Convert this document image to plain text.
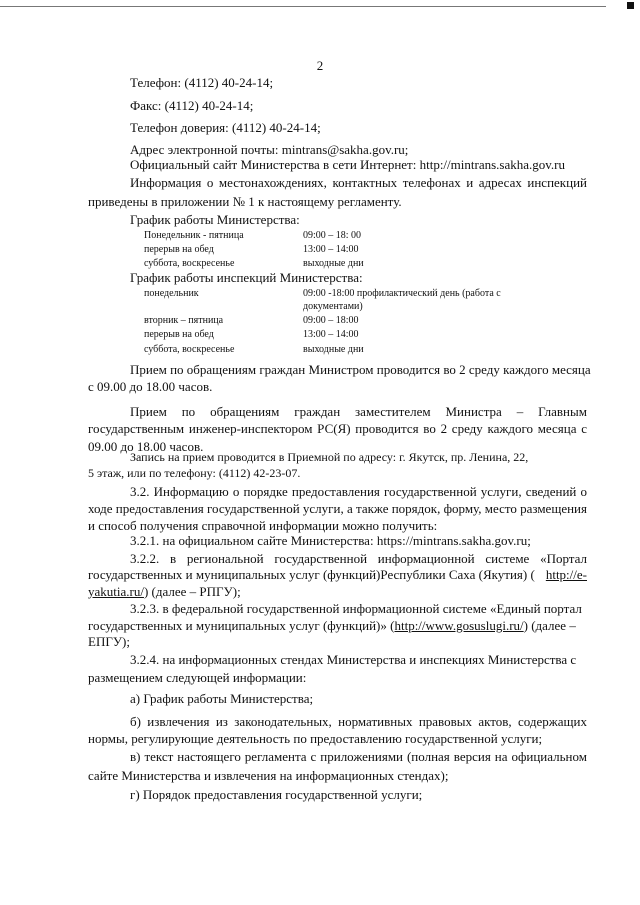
2
Телефон: (4112) 40-24-14;
Факс: (4112) 40-24-14;
Телефон доверия: (4112) 40-24-14;
Адрес электронной почты: mintrans@sakha.gov.ru;
Официальный сайт Министерства в сети Интернет: http://mintrans.sakha.gov.ru
Информация о местонахождениях, контактных телефонах и адресах инспекций
приведены в приложении № 1 к настоящему регламенту.
График работы Министерства:
Понедельник - пятница	09:00 – 18: 00
перерыв на обед	13:00 – 14:00
суббота, воскресенье	выходные дни
График работы инспекций Министерства:
понедельник	09:00 -18:00 профилактический день (работа с
документами)
вторник – пятница	09:00 – 18:00
перерыв на обед	13:00 – 14:00
суббота, воскресенье	выходные дни
Прием по обращениям граждан Министром проводится во 2 среду каждого месяца
с 09.00 до 18.00 часов.
Прием по обращениям граждан заместителем Министра – Главным
государственным инженер-инспектором РС(Я) проводится во 2 среду каждого месяца с
09.00 до 18.00 часов.
Запись на прием проводится в Приемной по адресу: г. Якутск, пр. Ленина, 22,
5 этаж, или по телефону: (4112) 42-23-07.
3.2. Информацию о порядке предоставления государственной услуги, сведений о
ходе предоставления государственной услуги, а также порядок, форму, место размещения
и способ получения справочной информации можно получить:
3.2.1. на официальном сайте Министерства: https://mintrans.sakha.gov.ru;
3.2.2. в региональной государственной информационной системе «Портал
государственных и муниципальных услуг (функций)Республики Саха (Якутия) ( http://e-
yakutia.ru/) (далее – РПГУ);
3.2.3. в федеральной государственной информационной системе «Единый портал
государственных и муниципальных услуг (функций)» (http://www.gosuslugi.ru/) (далее –
ЕПГУ);
3.2.4. на информационных стендах Министерства и инспекциях Министерства с
размещением следующей информации:
а) График работы Министерства;
б) извлечения из законодательных, нормативных правовых актов, содержащих
нормы, регулирующие деятельность по предоставлению государственной услуги;
в) текст настоящего регламента с приложениями (полная версия на официальном
сайте Министерства и извлечения на информационных стендах);
г) Порядок предоставления государственной услуги;
